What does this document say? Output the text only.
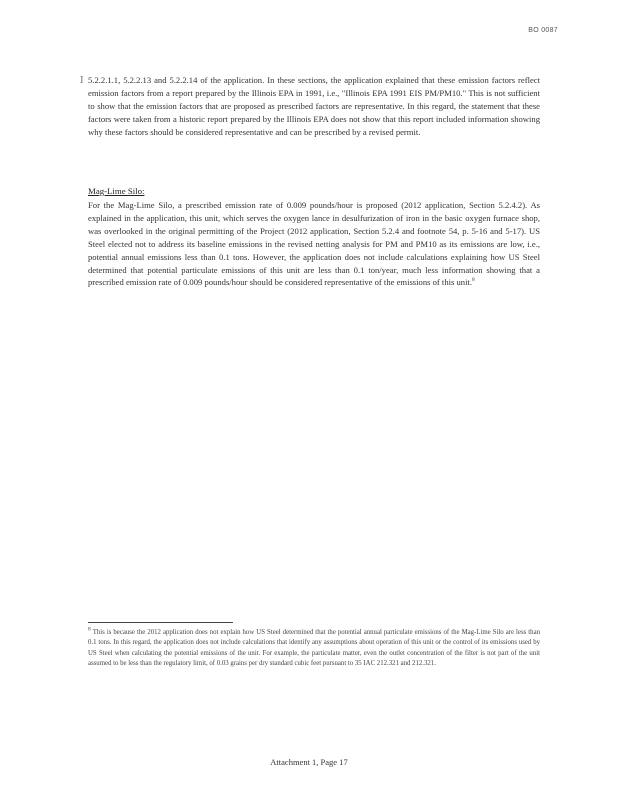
BO 0087
] 5.2.2.1.1, 5.2.2.13 and 5.2.2.14 of the application. In these sections, the application explained that these emission factors reflect emission factors from a report prepared by the Illinois EPA in 1991, i.e., "Illinois EPA 1991 EIS PM/PM10." This is not sufficient to show that the emission factors that are proposed as prescribed factors are representative. In this regard, the statement that these factors were taken from a historic report prepared by the Illinois EPA does not show that this report included information showing why these factors should be considered representative and can be prescribed by a revised permit.
Mag-Lime Silo:
For the Mag-Lime Silo, a prescribed emission rate of 0.009 pounds/hour is proposed (2012 application, Section 5.2.4.2). As explained in the application, this unit, which serves the oxygen lance in desulfurization of iron in the basic oxygen furnace shop, was overlooked in the original permitting of the Project (2012 application, Section 5.2.4 and footnote 54, p. 5-16 and 5-17). US Steel elected not to address its baseline emissions in the revised netting analysis for PM and PM10 as its emissions are low, i.e., potential annual emissions less than 0.1 tons. However, the application does not include calculations explaining how US Steel determined that potential particulate emissions of this unit are less than 0.1 ton/year, much less information showing that a prescribed emission rate of 0.009 pounds/hour should be considered representative of the emissions of this unit.$^8$
$^8$ This is because the 2012 application does not explain how US Steel determined that the potential annual particulate emissions of the Mag-Lime Silo are less than 0.1 tons. In this regard, the application does not include calculations that identify any assumptions about operation of this unit or the control of its emissions used by US Steel when calculating the potential emissions of the unit. For example, the particulate matter, even the outlet concentration of the filter is not part of the unit assumed to be less than the regulatory limit, of 0.03 grains per dry standard cubic feet pursuant to 35 IAC 212.321 and 212.321.
Attachment 1, Page 17
